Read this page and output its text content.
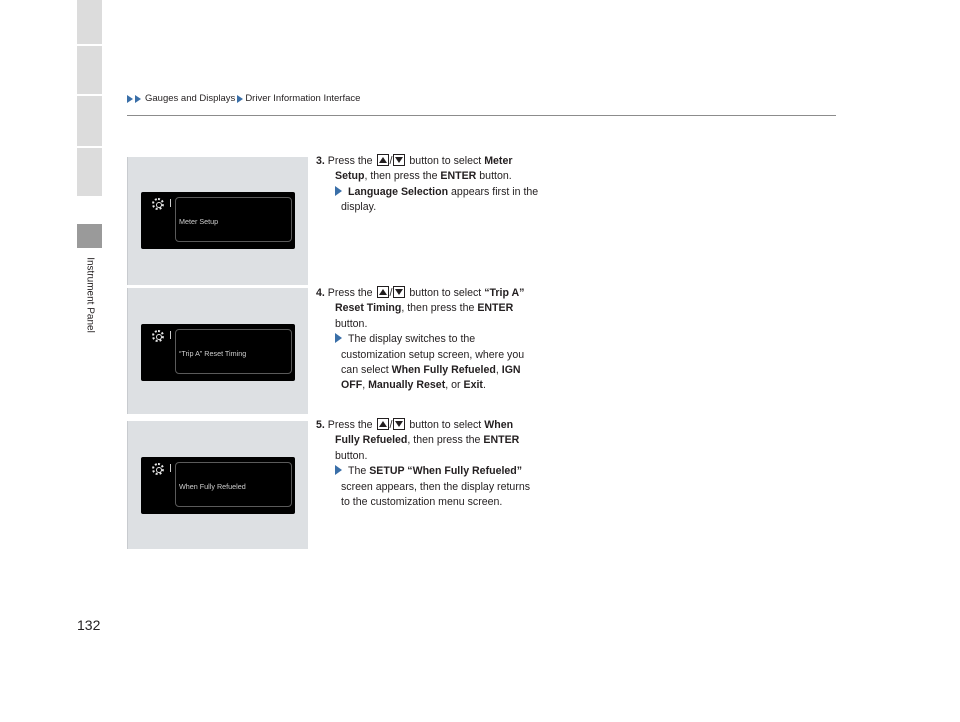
Instrument Panel
Gauges and Displays Driver Information Interface
Meter Setup
“Trip A” Reset Timing
When Fully Refueled
3. Press the / button to select Meter
Setup, then press the ENTER button.
Language Selection appears first in the
display.
4. Press the / button to select “Trip A”
Reset Timing, then press the ENTER
button.
The display switches to the
customization setup screen, where you
can select When Fully Refueled, IGN
OFF, Manually Reset, or Exit.
5. Press the / button to select When
Fully Refueled, then press the ENTER
button.
The SETUP “When Fully Refueled”
screen appears, then the display returns
to the customization menu screen.
132
